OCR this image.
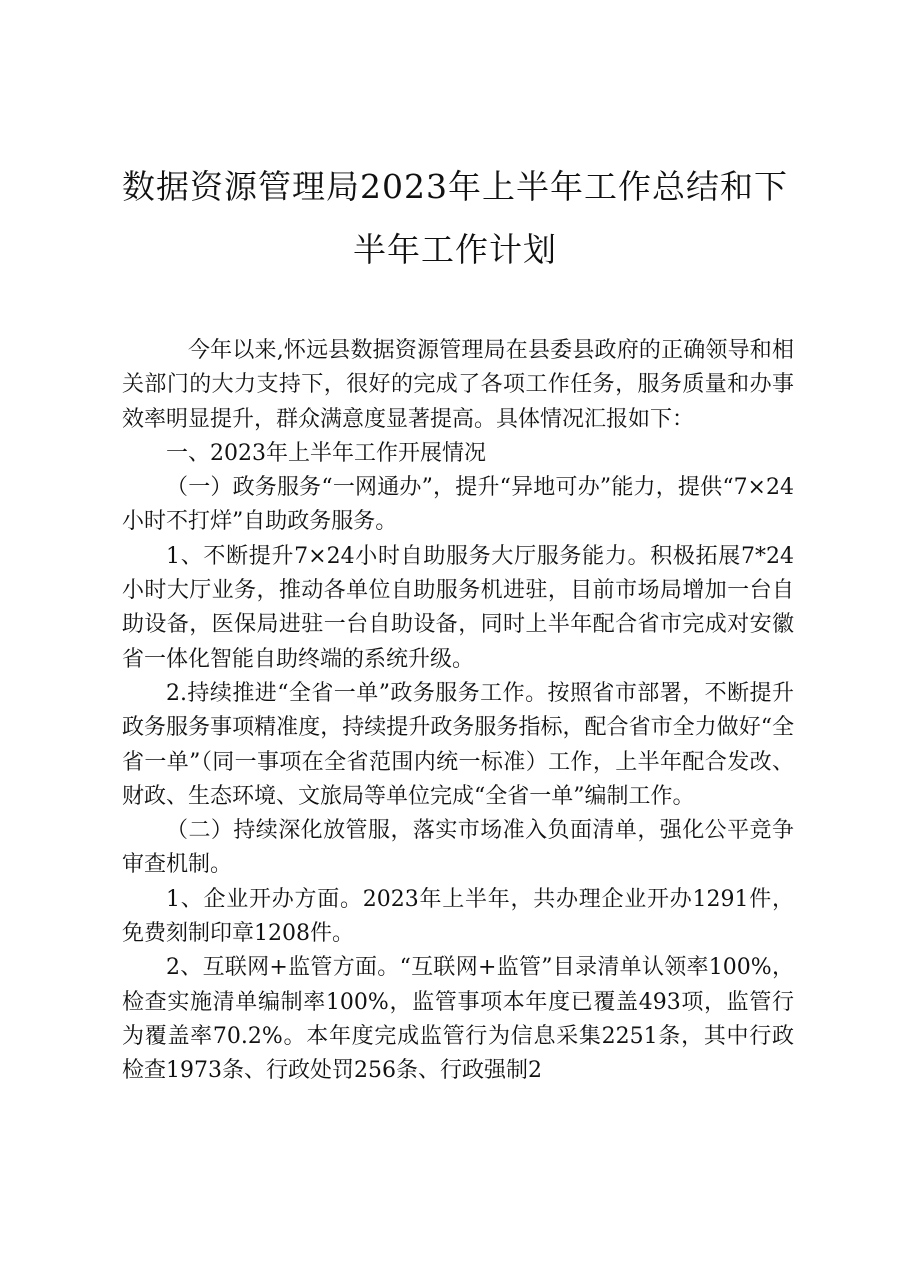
数据资源管理局2023年上半年工作总结和下
半年工作计划

今年以来,怀远县数据资源管理局在县委县政府的正确领导和相关部门的大力支持下，很好的完成了各项工作任务，服务质量和办事效率明显提升，群众满意度显著提高。具体情况汇报如下：

一、2023年上半年工作开展情况

（一）政务服务“一网通办”，提升“异地可办”能力，提供“7×24小时不打烊”自助政务服务。

1、不断提升7×24小时自助服务大厅服务能力。积极拓展7*24小时大厅业务，推动各单位自助服务机进驻，目前市场局增加一台自助设备，医保局进驻一台自助设备，同时上半年配合省市完成对安徽省一体化智能自助终端的系统升级。

2.持续推进“全省一单”政务服务工作。按照省市部署，不断提升政务服务事项精准度，持续提升政务服务指标，配合省市全力做好“全省一单”（同一事项在全省范围内统一标准）工作，上半年配合发改、财政、生态环境、文旅局等单位完成“全省一单”编制工作。

（二）持续深化放管服，落实市场准入负面清单，强化公平竞争审查机制。

1、企业开办方面。2023年上半年，共办理企业开办1291件，免费刻制印章1208件。

2、互联网+监管方面。“互联网+监管”目录清单认领率100%，检查实施清单编制率100%，监管事项本年度已覆盖493项，监管行为覆盖率70.2%。本年度完成监管行为信息采集2251条，其中行政检查1973条、行政处罚256条、行政强制2
